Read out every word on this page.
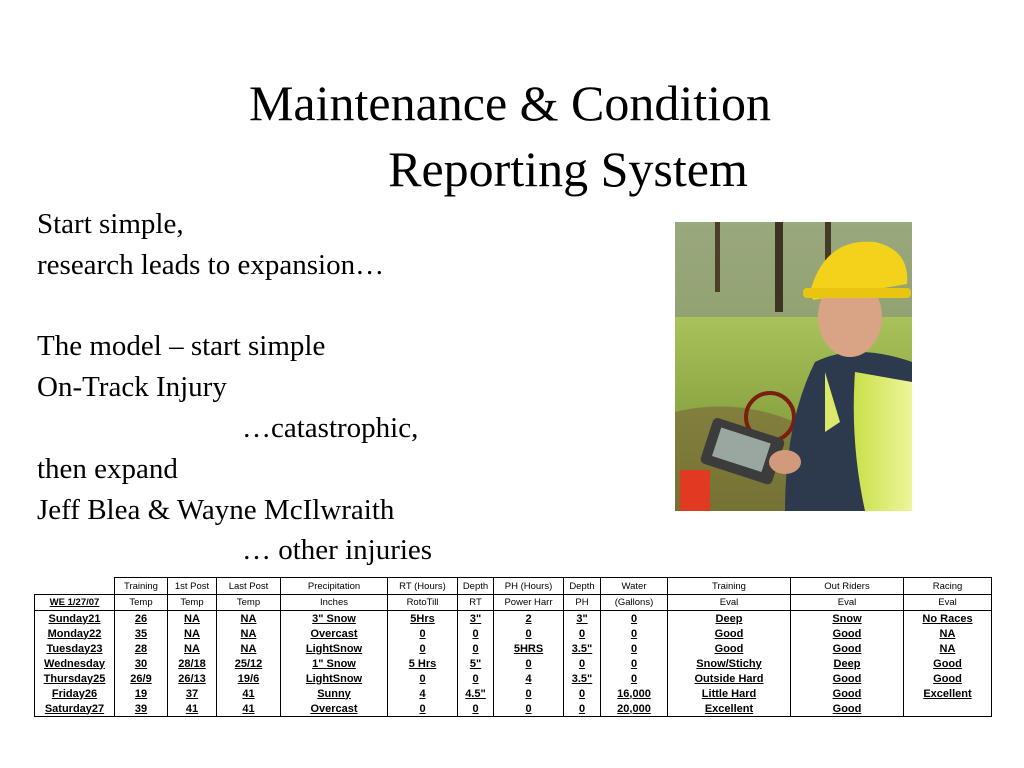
Maintenance & Condition
Reporting System
Start simple,
research leads to expansion…
The model – start simple
On-Track Injury
…catastrophic,
then expand
Jeff Blea & Wayne McIlwraith
… other injuries
	Training	1st Post	Last Post	Precipitation	RT (Hours)	Depth	PH (Hours)	Depth	Water	Training	Out Riders	Racing
WE 1/27/07	Temp	Temp	Temp	Inches	RotoTill	RT	Power Harr	PH	(Gallons)	Eval	Eval	Eval
Sunday21	26	NA	NA	3" Snow	5Hrs	3"	2	3"	0	Deep	Snow	No Races
Monday22	35	NA	NA	Overcast	0	0	0	0	0	Good	Good	NA
Tuesday23	28	NA	NA	LightSnow	0	0	5HRS	3.5"	0	Good	Good	NA
Wednesday	30	28/18	25/12	1" Snow	5 Hrs	5"	0	0	0	Snow/Stichy	Deep	Good
Thursday25	26/9	26/13	19/6	LightSnow	0	0	4	3.5"	0	Outside Hard	Good	Good
Friday26	19	37	41	Sunny	4	4.5"	0	0	16,000	Little Hard	Good	Excellent
Saturday27	39	41	41	Overcast	0	0	0	0	20,000	Excellent	Good	
